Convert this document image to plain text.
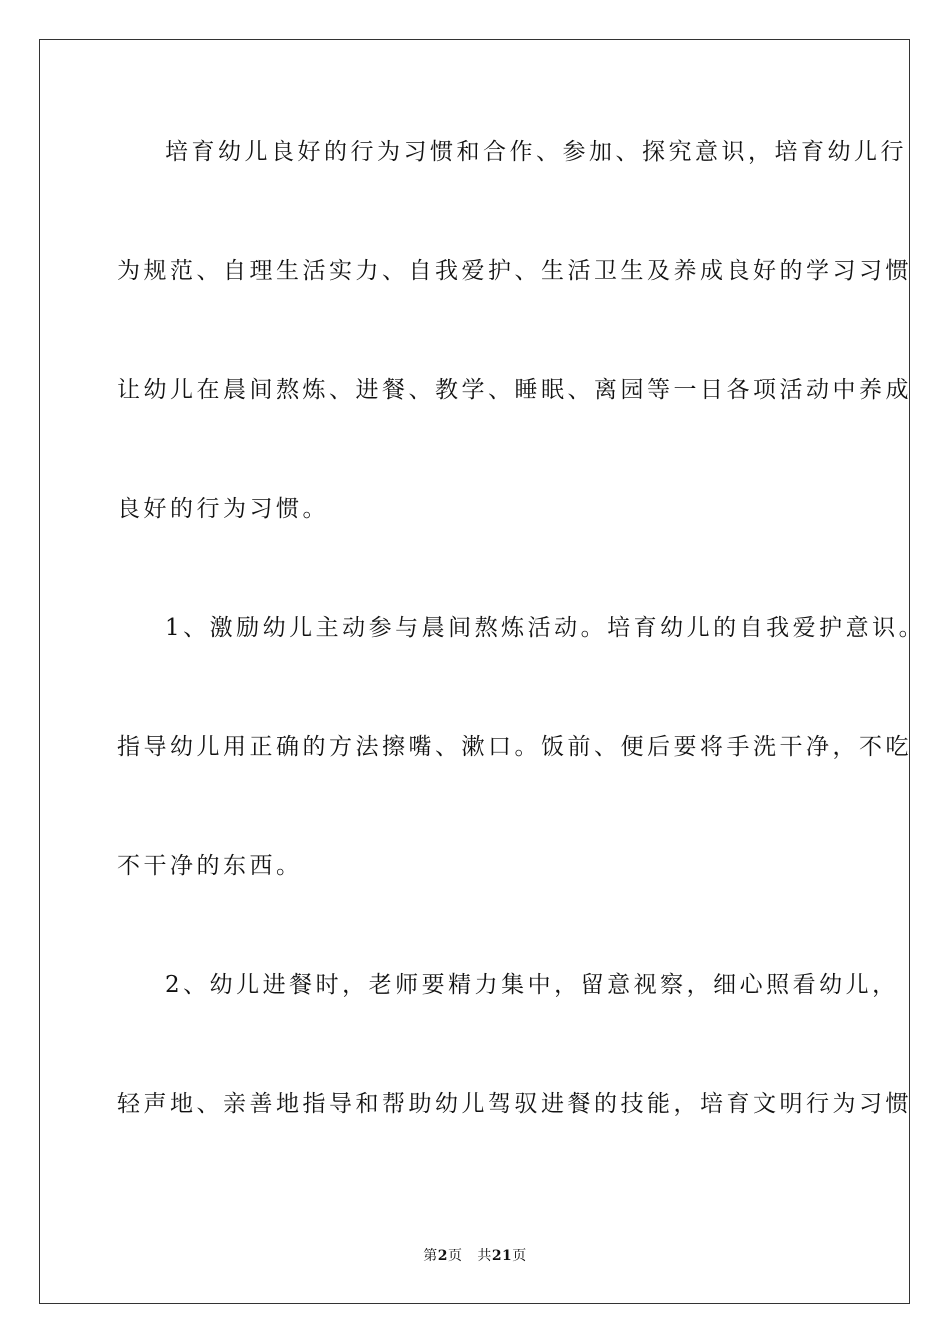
培育幼儿良好的行为习惯和合作、参加、探究意识，培育幼儿行
为规范、自理生活实力、自我爱护、生活卫生及养成良好的学习习惯
让幼儿在晨间熬炼、进餐、教学、睡眠、离园等一日各项活动中养成
良好的行为习惯。
1、激励幼儿主动参与晨间熬炼活动。培育幼儿的自我爱护意识。
指导幼儿用正确的方法擦嘴、漱口。饭前、便后要将手洗干净，不吃
不干净的东西。
2、幼儿进餐时，老师要精力集中，留意视察，细心照看幼儿，
轻声地、亲善地指导和帮助幼儿驾驭进餐的技能，培育文明行为习惯
第2页 共21页
